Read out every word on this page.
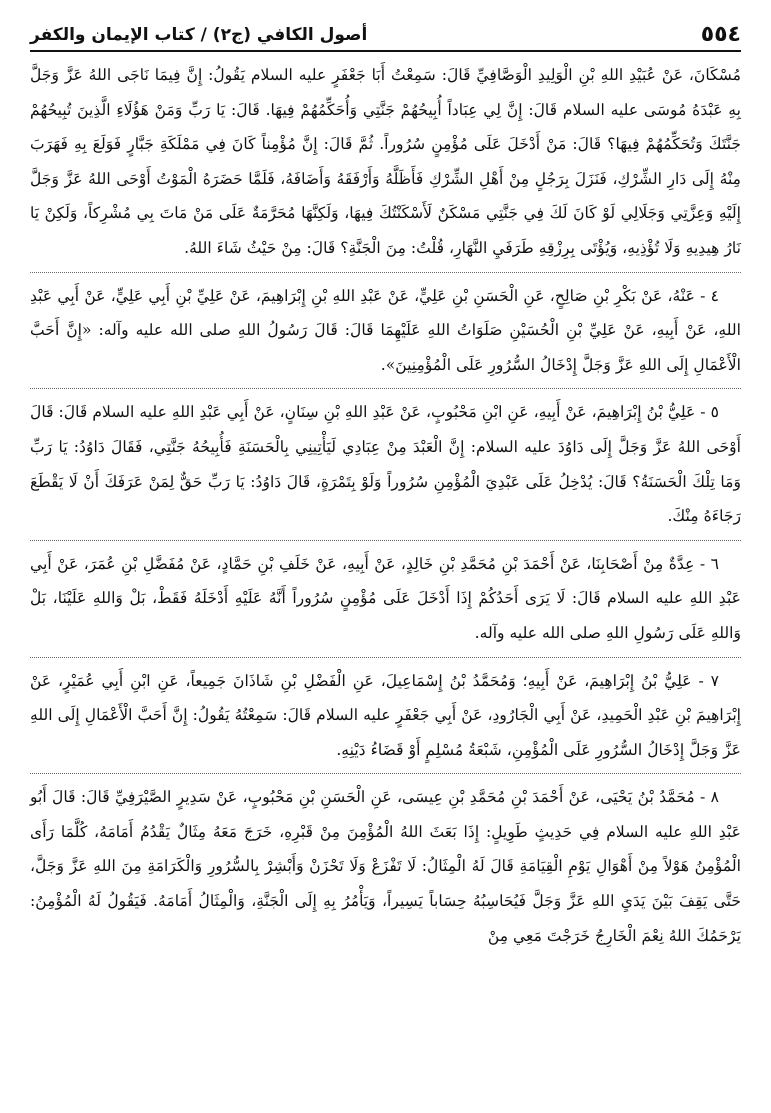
٥٥٤
أصول الكافي (ج٢) / كتاب الإيمان والكفر

مُسْكَانَ، عَنْ عُبَيْدِ اللهِ بْنِ الْوَلِيدِ الْوَصَّافِيِّ قَالَ: سَمِعْتُ أَبَا جَعْفَرٍ عليه السلام يَقُولُ: إِنَّ فِيمَا نَاجَى اللهُ عَزَّ وَجَلَّ بِهِ عَبْدَهُ مُوسَى عليه السلام قَالَ: إِنَّ لِي عِبَاداً أُبِيحُهُمْ جَنَّتِي وَأُحَكِّمُهُمْ فِيهَا. قَالَ: يَا رَبِّ وَمَنْ هَؤُلَاءِ الَّذِينَ تُبِيحُهُمْ جَنَّتَكَ وَتُحَكِّمُهُمْ فِيهَا؟ قَالَ: مَنْ أَدْخَلَ عَلَى مُؤْمِنٍ سُرُوراً. ثُمَّ قَالَ: إِنَّ مُؤْمِناً كَانَ فِي مَمْلَكَةِ جَبَّارٍ فَوَلَعَ بِهِ فَهَرَبَ مِنْهُ إِلَى دَارِ الشِّرْكِ، فَنَزَلَ بِرَجُلٍ مِنْ أَهْلِ الشِّرْكِ فَأَظَلَّهُ وَأَرْفَقَهُ وَأَضَافَهُ، فَلَمَّا حَضَرَهُ الْمَوْتُ أَوْحَى اللهُ عَزَّ وَجَلَّ إِلَيْهِ وَعِزَّتِي وَجَلَالِي لَوْ كَانَ لَكَ فِي جَنَّتِي مَسْكَنٌ لَأَسْكَنْتُكَ فِيهَا، وَلَكِنَّهَا مُحَرَّمَةٌ عَلَى مَنْ مَاتَ بِي مُشْرِكاً، وَلَكِنْ يَا نَارُ هِيدِيهِ وَلَا تُؤْذِيهِ، وَيُؤْتَى بِرِزْقِهِ طَرَفَيِ النَّهَارِ، قُلْتُ: مِنَ الْجَنَّةِ؟ قَالَ: مِنْ حَيْثُ شَاءَ اللهُ.

٤ - عَنْهُ، عَنْ بَكْرِ بْنِ صَالِحٍ، عَنِ الْحَسَنِ بْنِ عَلِيٍّ، عَنْ عَبْدِ اللهِ بْنِ إِبْرَاهِيمَ، عَنْ عَلِيِّ بْنِ أَبِي عَلِيٍّ، عَنْ أَبِي عَبْدِ اللهِ، عَنْ أَبِيهِ، عَنْ عَلِيِّ بْنِ الْحُسَيْنِ صَلَوَاتُ اللهِ عَلَيْهِمَا قَالَ: قَالَ رَسُولُ اللهِ صلى الله عليه وآله: «إِنَّ أَحَبَّ الْأَعْمَالِ إِلَى اللهِ عَزَّ وَجَلَّ إِدْخَالُ السُّرُورِ عَلَى الْمُؤْمِنِينَ».

٥ - عَلِيُّ بْنُ إِبْرَاهِيمَ، عَنْ أَبِيهِ، عَنِ ابْنِ مَحْبُوبٍ، عَنْ عَبْدِ اللهِ بْنِ سِنَانٍ، عَنْ أَبِي عَبْدِ اللهِ عليه السلام قَالَ: قَالَ أَوْحَى اللهُ عَزَّ وَجَلَّ إِلَى دَاوُدَ عليه السلام: إِنَّ الْعَبْدَ مِنْ عِبَادِي لَيَأْتِينِي بِالْحَسَنَةِ فَأُبِيحُهُ جَنَّتِي، فَقَالَ دَاوُدُ: يَا رَبِّ وَمَا تِلْكَ الْحَسَنَةُ؟ قَالَ: يُدْخِلُ عَلَى عَبْدِيَ الْمُؤْمِنِ سُرُوراً وَلَوْ بِتَمْرَةٍ، قَالَ دَاوُدُ: يَا رَبِّ حَقٌّ لِمَنْ عَرَفَكَ أَنْ لَا يَقْطَعَ رَجَاءَهُ مِنْكَ.

٦ - عِدَّةٌ مِنْ أَصْحَابِنَا، عَنْ أَحْمَدَ بْنِ مُحَمَّدِ بْنِ خَالِدٍ، عَنْ أَبِيهِ، عَنْ خَلَفِ بْنِ حَمَّادٍ، عَنْ مُفَضَّلِ بْنِ عُمَرَ، عَنْ أَبِي عَبْدِ اللهِ عليه السلام قَالَ: لَا يَرَى أَحَدُكُمْ إِذَا أَدْخَلَ عَلَى مُؤْمِنٍ سُرُوراً أَنَّهُ عَلَيْهِ أَدْخَلَهُ فَقَطْ، بَلْ وَاللهِ عَلَيْنَا، بَلْ وَاللهِ عَلَى رَسُولِ اللهِ صلى الله عليه وآله.

٧ - عَلِيُّ بْنُ إِبْرَاهِيمَ، عَنْ أَبِيهِ؛ وَمُحَمَّدُ بْنُ إِسْمَاعِيلَ، عَنِ الْفَضْلِ بْنِ شَاذَانَ جَمِيعاً، عَنِ ابْنِ أَبِي عُمَيْرٍ، عَنْ إِبْرَاهِيمَ بْنِ عَبْدِ الْحَمِيدِ، عَنْ أَبِي الْجَارُودِ، عَنْ أَبِي جَعْفَرٍ عليه السلام قَالَ: سَمِعْتُهُ يَقُولُ: إِنَّ أَحَبَّ الْأَعْمَالِ إِلَى اللهِ عَزَّ وَجَلَّ إِدْخَالُ السُّرُورِ عَلَى الْمُؤْمِنِ، شَبْعَةُ مُسْلِمٍ أَوْ قَضَاءُ دَيْنِهِ.

٨ - مُحَمَّدُ بْنُ يَحْيَى، عَنْ أَحْمَدَ بْنِ مُحَمَّدِ بْنِ عِيسَى، عَنِ الْحَسَنِ بْنِ مَحْبُوبٍ، عَنْ سَدِيرٍ الصَّيْرَفِيِّ قَالَ: قَالَ أَبُو عَبْدِ اللهِ عليه السلام فِي حَدِيثٍ طَوِيلٍ: إِذَا بَعَثَ اللهُ الْمُؤْمِنَ مِنْ قَبْرِهِ، خَرَجَ مَعَهُ مِثَالٌ يَقْدُمُ أَمَامَهُ، كُلَّمَا رَأَى الْمُؤْمِنُ هَوْلاً مِنْ أَهْوَالِ يَوْمِ الْقِيَامَةِ قَالَ لَهُ الْمِثَالُ: لَا تَفْزَعْ وَلَا تَحْزَنْ وَأَبْشِرْ بِالسُّرُورِ وَالْكَرَامَةِ مِنَ اللهِ عَزَّ وَجَلَّ، حَتَّى يَقِفَ بَيْنَ يَدَيِ اللهِ عَزَّ وَجَلَّ فَيُحَاسِبُهُ حِسَاباً يَسِيراً، وَيَأْمُرُ بِهِ إِلَى الْجَنَّةِ، وَالْمِثَالُ أَمَامَهُ. فَيَقُولُ لَهُ الْمُؤْمِنُ: يَرْحَمُكَ اللهُ نِعْمَ الْخَارِجُ خَرَجْتَ مَعِي مِنْ
